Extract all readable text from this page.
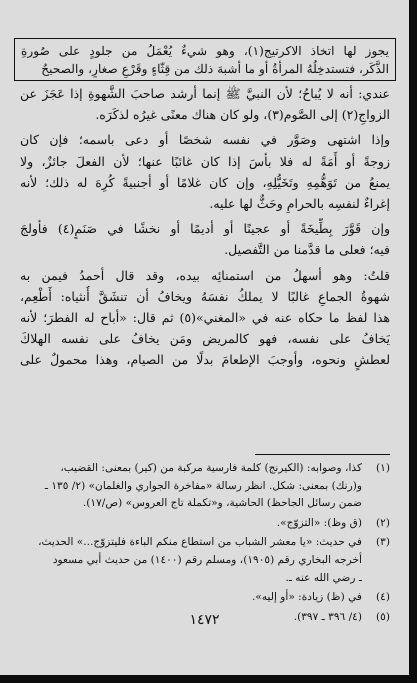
يجوز لها اتخاذ الاكرتيج(١)، وهو شيءٌ يُعْمَلُ من جلودٍ على صُورةِ
الذَّكَر، فتستدخِلُهُ المرأةُ أو ما أشبهَ ذلك من قِثّاءٍ وقَرْعٍ صغارٍ، والصحيحُ
عندي: أنه لا يُباحُ؛ لأن النبيَّ ﷺ إنما أرشد صاحبَ الشَّهوةِ إذا عَجَزَ عن
الزواجِ(٢) إلى الصَّوم(٣)، ولو كان هناك معنًى غيرُه لذكَرَه.
وإذا اشتهى وصَوَّر في نفسه شخصًا أو دعى باسمه؛ فإن كان
زوجةً أو أَمَةً له فلا بأسَ إذا كان غائبًا عنها؛ لأن الفعلَ جائزٌ، ولا
يمنعُ من تَوَهُّمِهِ وتَخَيُّلِهِ، وإن كان غلامًا أو أجنبيةً كُرِهَ له ذلك؛ لأنه
إغراءٌ لنفسِه بالحرامِ وحَثٌّ لها عليه.
وإن قَوَّرَ بِطِّيخَةً أو عجينًا أو أديمًا أو نخشًا في صَنَمٍ(٤) فأولجَ
فيه؛ فعلى ما قدَّمنا من التَّفصيل.
قلتُ: وهو أسهلُ من استمنائِه بيده، وقد قال أحمدُ فيمن به
شهوةُ الجماعِ غالبًا لا يملكُ نفسَهُ ويخافُ أن تنشَقَّ أُنثياه: أَطْعِم،
هذا لفظ ما حكاه عنه في «المغني»(٥) ثم قال: «أباح له الفطرَ؛ لأنه
يَخافُ على نفسه، فهو كالمريض ومَن يخافُ على نفسه الهلاكَ
لعطشٍ ونحوه، وأوجبَ الإطعامَ بدلًا من الصيام، وهذا محمولٌ على
(١)
كذا، وصوابه: (الكيرنج) كلمة فارسية مركبة من (كير) بمعنى: القضيب،
و(رنك) بمعنى: شكل. انظر رسالة «مفاخرة الجواري والغلمان» (٢/ ١٣٥ ـ
ضمن رسائل الجاحظ) الحاشية، و«تكملة تاج العروس» (ص/١٧).
(٢)
(ق وظ): «التزوّج».
(٣)
في حديث: «يا معشر الشباب من استطاع منكم الباءة فليتزوّج...» الحديث،
أخرجه البخاري رقم (١٩٠٥)، ومسلم رقم (١٤٠٠) من حديث أبي مسعود
ـ رضي الله عنه ـ.
(٤)
في (ظ) زيادة: «أو إليه».
(٥)
(٤/ ٣٩٦ ـ ٣٩٧).
١٤٧٢
